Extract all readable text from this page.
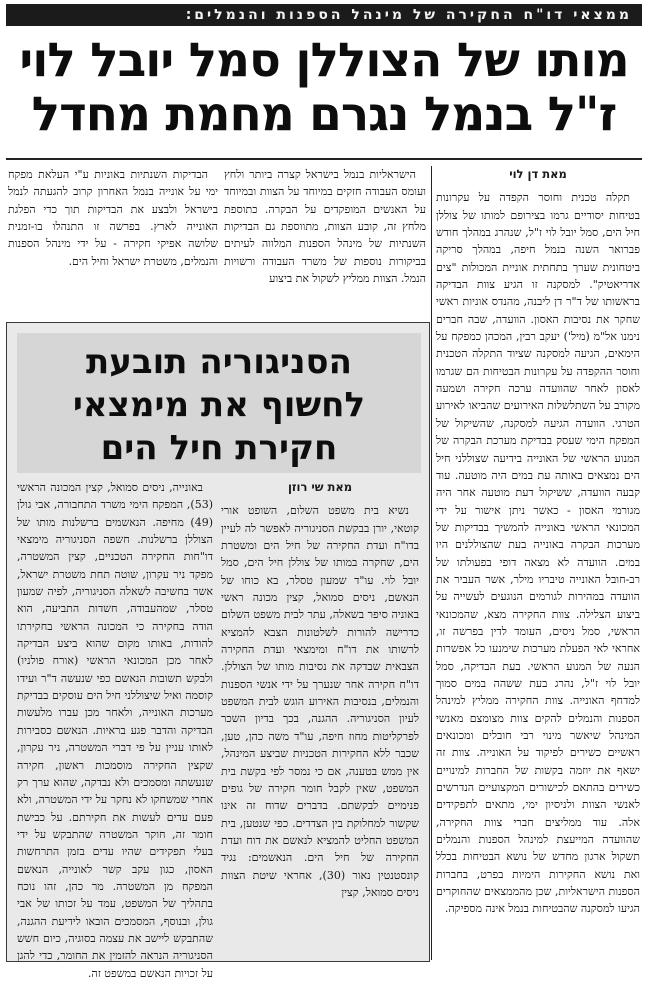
ממצאי דו"ח החקירה של מינהל הספנות והנמלים:
מותו של הצוללן סמל יובל לוי
ז"ל בנמל נגרם מחמת מחדל
מאת דן לוי

תקלה טכנית וחוסר הקפדה על עקרונות בטיחות יסודיים גרמו בצירופם למותו של צוללן חיל הים, סמל יובל לוי ז"ל, שנהרג במהלך חודש פברואר השנה בנמל חיפה, במהלך סריקה ביטחונית שערך בתחתית אוניית המכולות "צים אדריאטיק". למסקנה זו הגיע צוות הבדיקה בראשותו של ד"ר דן ליבנה, מהנדס אוניות ראשי שחקר את נסיבות האסון. הוועדה, שבה חברים נימנו אל"מ (מיל') יעקב רבין, המכהן כמפקח על הימאים, הגיעה למסקנה שציוד התקלה הטכנית וחוסר ההקפדה על עקרונות הבטיחות הם שגרמו לאסון לאחר שהוועדה ערכה חקירה ושמעה מקורב על השתלשלות האירועים שהביאו לאירוע הטרגי. הוועדה הגיעה למסקנה, שהשיקול של המפקח הימי שעסק בבדיקת מערכת הבקרה של המנוע הראשי של האונייה בידיעה שצוללני חיל הים נמצאים באותה עת במים היה מוטעה. עוד קבעה הוועדה, ששיקול דעת מוטעה אחר היה מגורמי האסון - כאשר ניתן אישור על ידי המכונאי הראשי באונייה להמשיך בבדיקות של מערכות הבקרה באונייה בעת שהצוללנים היו במים. הוועדה לא מצאה דופי בפעולתו של רב-חובל האונייה טיבריו מילר, אשר העביר את הוועדה במהירות לגורמים הנוגעים לעשייה על ביצוע הצלילה. צוות החקירה מצא, שהמכונאי הראשי, סמל ניסים, העומד לדין בפרשה זו, אחראי לאי הפעלת מערכות שימנעו כל אפשרות הנעה של המנוע הראשי. בעת הבדיקה, סמל יובל לוי ז"ל, נהרג בעת ששהה במים סמוך למדחף האונייה. צוות החקירה ממליץ למינהל הספנות והנמלים להקים צוות מצומצם מאנשי המינהל שיאשר מינוי רבי חובלים ומכונאים ראשיים כשירים לפיקוד על האונייה. צוות זה ישאף את יוזמה בקשות של החברות למינויים כשירים בהתאם לכישורים המקצועיים הנדרשים לאנשי הצוות ולניסיון ימי, מתאים לתפקידים אלה. עוד ממליצים חברי צוות החקירה, שהוועדה המייעצת למינהל הספנות והנמלים תשקול ארגון מחדש של נושא הבטיחות בכלל ואת נושא החקירות הימיות בפרט, בחברות הספנות הישראליות, שכן מהממצאים שהחוקרים הגיעו למסקנה שהבטיחות בנמל אינה מספיקה.

הישראליות בנמל בישראל קצרה ביותר ולחץ ועומס העבודה חזקים במיוחד על הצוות ובמיוחד על האנשים המופקדים על הבקרה. כתוספת מלחץ זה, קובע הצוות, מתווספת גם הבדיקות השנתיות של מינהל הספנות המלווה לעיתים בביקורות נוספות של משרד העבודה ורשויות הנמל. הצוות ממליץ לשקול את ביצוע

הבדיקות השנתיות באוניות ע"י העלאת מפקח ימי על אונייה בנמל האחרון קרוב להגעתה לנמל בישראל ולבצע את הבדיקות תוך כדי הפלגת האונייה לארץ. בפרשה זו התנהלו בו-זמנית שלושה אפיקי חקירה - על ידי מינהל הספנות והנמלים, משטרת ישראל וחיל הים.

הסניגוריה תובעת
לחשוף את מימצאי
חקירת חיל הים
מאת שי רוזן

נשיא בית משפט השלום, השופט אורי קוטאי, יורן בבקשת הסניגוריה לאפשר לה לעיין בדו"ח ועדת החקירה של חיל הים ומשטרת הים, שחקרה במותו של צוללן חיל הים, סמל יובל לוי. עו"ד שמעון טסלר, בא כוחו של הנאשם, ניסים סמואל, קצין מכונה ראשי באוניה סיפר בשאלה, עתר לבית משפט השלום כדרישה להורות לשלטונות הצבא להמציא לרשותו את דו"ח ומימצאי ועדת החקירה הצבאית שבדקה את נסיבות מותו של הצוללן. דו"ח חקירה אחר שנערך על ידי אנשי הספנות והנמלים, בנסיבות האירוע הוגש לבית המשפט לעיון הסניגוריה. ההגנה, בכך בדיון השכר לפרקליטות מחוז חיפה, עו"ד משה כהן, טען, שכבר ללא החקירות הטכניות שביצע המינהל, אין ממש בטענה, אם כי נמסר לפי בקשת בית המשפט, שאין לקבל חומר חקירה של גופים פנימיים לבקשתם. בדברים שדוח זה אינו שקשור למחלוקת בין הצדדים. כפי שנטען, בית המשפט החליט להמציא לנאשם את דוח ועדת החקירה של חיל הים. הנאשמים: נגיד קונסטנטין נאור (30), אחראי שיטת הצוות ניסים סמואל, קצין

באונייה, ניסים סמואל, קצין המכונה הראשי (53), המפקח הימי משרד התחבורה, אבי גולן (49) מחיפה. הנאשמים ברשלנות מותו של הצוללן ברשלנות. חשפה הסניגוריה מימצאי דו"חות החקירה הטכניים, קצין המשטרה, מפקד ניר עקרון, שוטה תחת משטרת ישראל, אשר בחשיבה לשאלה הסניגוריה, לפיה שמעון טסלר, שמהעבודה, חשדות התביעה, הוא הודה בחקירה כי המכונה הראשי בחקירתו להודות, באותו מקום שהוא ביצע הבדיקה לאחר מכן המכונאי הראשי (אורח פולניו) ולבקש תשובות הנאשם כפי שנעשה ד"ר ועידו קוסמה ואיל שיצוללני חיל הים עוסקים בבדיקת מערכות האונייה, ולאחר מכן עברו מלעשות הבדיקה והדבר פגע בראיות. הנאשם כסבירות לאותו עניין על פי דברי המשטרה, ניר עקרון, שקצין החקירה מוסמכות ראשון, חקירה שנעשתה ומסמכים ולא נבדקה, שהוא ערך רק אחרי שמשחקו לא נחקר על ידי המשטרה, ולא פעם עדים לעשות את חקירתם. על כבישת חומר זה, חוקר המשטרה שהתבקש על ידי בעלי תפקידים שהיו עדים בזמן התרחשות האסון, כגון עקב קשר לאונייה, הנאשם המפקח מן המשטרה. מר כהן, זהו נוכח בתהליך של המשפט, עמד על זכותו של אבי גולן, ובנוסף, המסמכים הובאו לידיעת ההגנה, שהתבקש ליישב את עצמה בסוגיה, כיום חשש הסניגוריה הנראה להזמין את החומר, כדי להגן על זכויות הנאשם במשפט זה.
